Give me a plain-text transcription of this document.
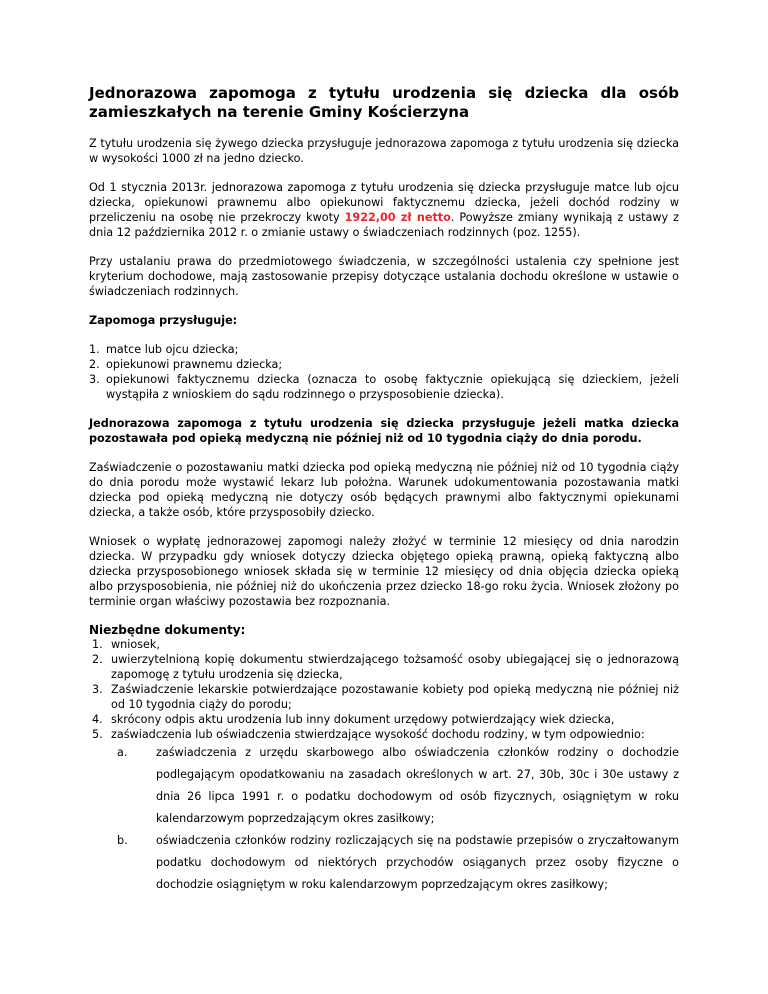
Jednorazowa zapomoga z tytułu urodzenia się dziecka dla osób
zamieszkałych na terenie Gminy Kościerzyna

Z tytułu urodzenia się żywego dziecka przysługuje jednorazowa zapomoga z tytułu urodzenia się dziecka w wysokości 1000 zł na jedno dziecko.

Od 1 stycznia 2013r. jednorazowa zapomoga z tytułu urodzenia się dziecka przysługuje matce lub ojcu dziecka, opiekunowi prawnemu albo opiekunowi faktycznemu dziecka, jeżeli dochód rodziny w przeliczeniu na osobę nie przekroczy kwoty 1922,00 zł netto. Powyższe zmiany wynikają z ustawy z dnia 12 października 2012 r. o zmianie ustawy o świadczeniach rodzinnych (poz. 1255).

Przy ustalaniu prawa do przedmiotowego świadczenia, w szczególności ustalenia czy spełnione jest kryterium dochodowe, mają zastosowanie przepisy dotyczące ustalania dochodu określone w ustawie o świadczeniach rodzinnych.

Zapomoga przysługuje:

1. matce lub ojcu dziecka;
2. opiekunowi prawnemu dziecka;
3. opiekunowi faktycznemu dziecka (oznacza to osobę faktycznie opiekującą się dzieckiem, jeżeli wystąpiła z wnioskiem do sądu rodzinnego o przysposobienie dziecka).

Jednorazowa zapomoga z tytułu urodzenia się dziecka przysługuje jeżeli matka dziecka pozostawała pod opieką medyczną nie później niż od 10 tygodnia ciąży do dnia porodu.

Zaświadczenie o pozostawaniu matki dziecka pod opieką medyczną nie później niż od 10 tygodnia ciąży do dnia porodu może wystawić lekarz lub położna. Warunek udokumentowania pozostawania matki dziecka pod opieką medyczną nie dotyczy osób będących prawnymi albo faktycznymi opiekunami dziecka, a także osób, które przysposobiły dziecko.

Wniosek o wypłatę jednorazowej zapomogi należy złożyć w terminie 12 miesięcy od dnia narodzin dziecka. W przypadku gdy wniosek dotyczy dziecka objętego opieką prawną, opieką faktyczną albo dziecka przysposobionego wniosek składa się w terminie 12 miesięcy od dnia objęcia dziecka opieką albo przysposobienia, nie później niż do ukończenia przez dziecko 18-go roku życia. Wniosek złożony po terminie organ właściwy pozostawia bez rozpoznania.

Niezbędne dokumenty:
1. wniosek,
2. uwierzytelnioną kopię dokumentu stwierdzającego tożsamość osoby ubiegającej się o jednorazową zapomogę z tytułu urodzenia się dziecka,
3. Zaświadczenie lekarskie potwierdzające pozostawanie kobiety pod opieką medyczną nie później niż od 10 tygodnia ciąży do porodu;
4. skrócony odpis aktu urodzenia lub inny dokument urzędowy potwierdzający wiek dziecka,
5. zaświadczenia lub oświadczenia stwierdzające wysokość dochodu rodziny, w tym odpowiednio:
a.	zaświadczenia z urzędu skarbowego albo oświadczenia członków rodziny o dochodzie podlegającym opodatkowaniu na zasadach określonych w art. 27, 30b, 30c i 30e ustawy z dnia 26 lipca 1991 r. o podatku dochodowym od osób fizycznych, osiągniętym w roku kalendarzowym poprzedzającym okres zasiłkowy;
b.	oświadczenia członków rodziny rozliczających się na podstawie przepisów o zryczałtowanym podatku dochodowym od niektórych przychodów osiąganych przez osoby fizyczne o dochodzie osiągniętym w roku kalendarzowym poprzedzającym okres zasiłkowy;
